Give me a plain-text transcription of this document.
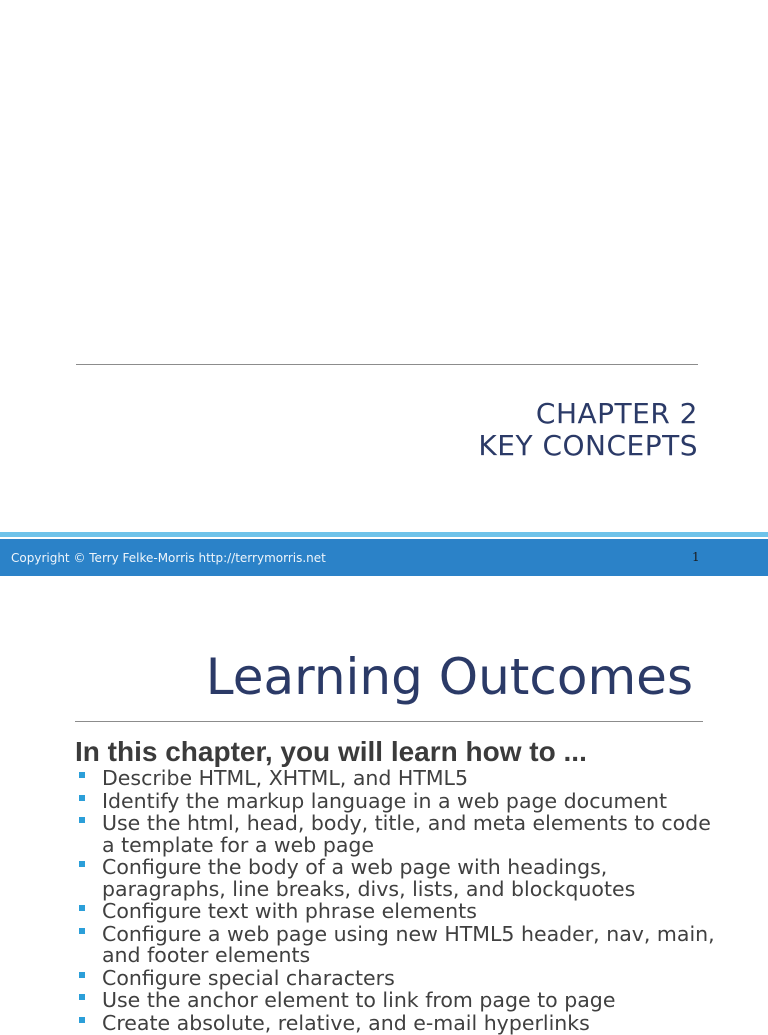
CHAPTER 2
KEY CONCEPTS
Copyright © Terry Felke-Morris http://terrymorris.net	1
Learning Outcomes
In this chapter, you will learn how to ...
Describe HTML, XHTML, and HTML5
Identify the markup language in a web page document
Use the html, head, body, title, and meta elements to code a template for a web page
Configure the body of a web page with headings, paragraphs, line breaks, divs, lists, and blockquotes
Configure text with phrase elements
Configure a web page using new HTML5 header, nav, main, and footer elements
Configure special characters
Use the anchor element to link from page to page
Create absolute, relative, and e-mail hyperlinks
